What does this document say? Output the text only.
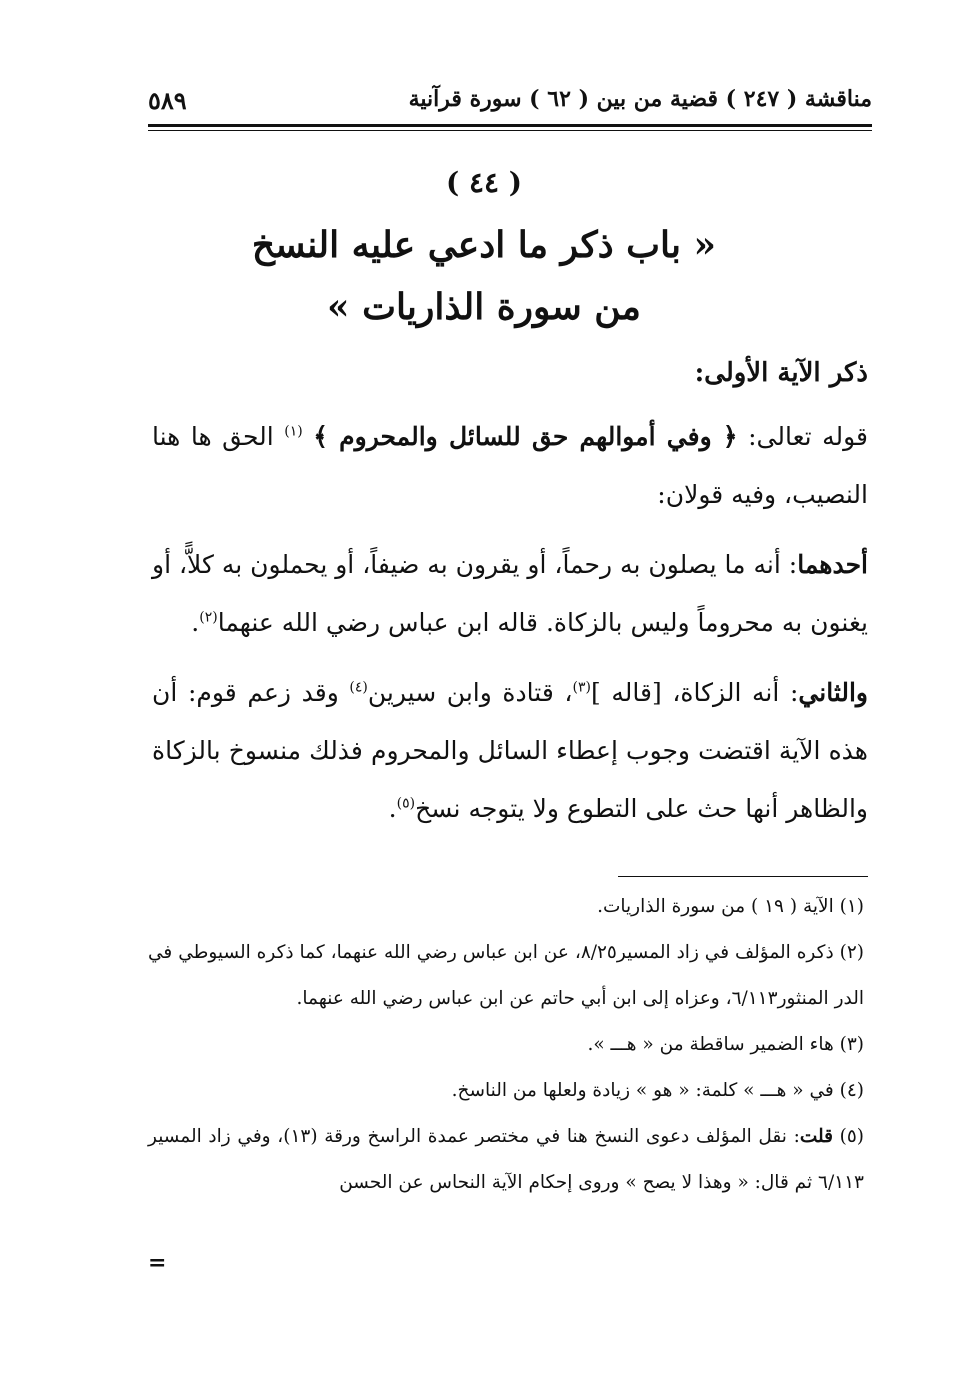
مناقشة ( ٢٤٧ ) قضية من بين ( ٦٢ ) سورة قرآنية
٥٨٩
( ٤٤ )
« باب ذكر ما ادعي عليه النسخ
من سورة الذاريات »
ذكر الآية الأولى:

قوله تعالى: ﴿ وفي أموالهم حق للسائل والمحروم ﴾ $^{(١)}$ الحق ها هنا النصيب، وفيه قولان:

أحدهما: أنه ما يصلون به رحماً، أو يقرون به ضيفاً، أو يحملون به كلاًّ، أو يغنون به محروماً وليس بالزكاة. قاله ابن عباس رضي الله عنهما$^{(٢)}$.

والثاني: أنه الزكاة، [قاله ]$^{(٣)}$، قتادة وابن سيرين$^{(٤)}$ وقد زعم قوم: أن هذه الآية اقتضت وجوب إعطاء السائل والمحروم فذلك منسوخ بالزكاة والظاهر أنها حث على التطوع ولا يتوجه نسخ$^{(٥)}$.

(١) الآية ( ١٩ ) من سورة الذاريات.

(٢) ذكره المؤلف في زاد المسير٨/٢٥، عن ابن عباس رضي الله عنهما، كما ذكره السيوطي في الدر المنثور٦/١١٣، وعزاه إلى ابن أبي حاتم عن ابن عباس رضي الله عنهما.

(٣) هاء الضمير ساقطة من « هـــ ».

(٤) في « هـــ » كلمة: « هو » زيادة ولعلها من الناسخ.

(٥) قلت: نقل المؤلف دعوى النسخ هنا في مختصر عمدة الراسخ ورقة (١٣)، وفي زاد المسير ٦/١١٣ ثم قال: « وهذا لا يصح » وروى إحكام الآية النحاس عن الحسن

=
